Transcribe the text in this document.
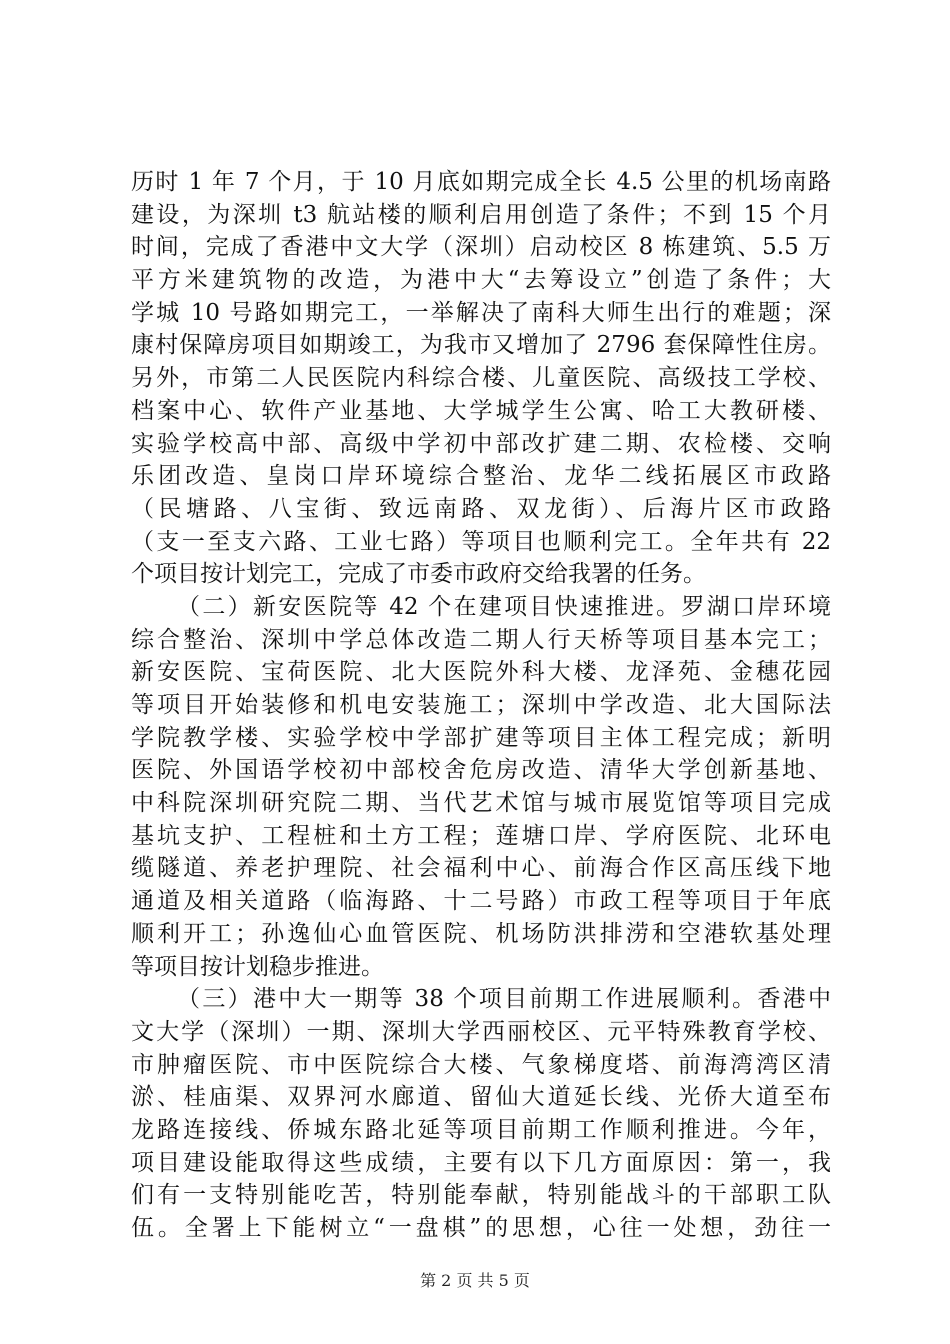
历时 1 年 7 个月，于 10 月底如期完成全长 4.5 公里的机场南路
建设，为深圳 t3 航站楼的顺利启用创造了条件；不到 15 个月
时间，完成了香港中文大学（深圳）启动校区 8 栋建筑、5.5 万
平方米建筑物的改造，为港中大“去筹设立”创造了条件；大
学城 10 号路如期完工，一举解决了南科大师生出行的难题；深
康村保障房项目如期竣工，为我市又增加了 2796 套保障性住房。
另外，市第二人民医院内科综合楼、儿童医院、高级技工学校、
档案中心、软件产业基地、大学城学生公寓、哈工大教研楼、
实验学校高中部、高级中学初中部改扩建二期、农检楼、交响
乐团改造、皇岗口岸环境综合整治、龙华二线拓展区市政路
（民塘路、八宝街、致远南路、双龙街）、后海片区市政路
（支一至支六路、工业七路）等项目也顺利完工。全年共有 22
个项目按计划完工，完成了市委市政府交给我署的任务。
（二）新安医院等 42 个在建项目快速推进。罗湖口岸环境
综合整治、深圳中学总体改造二期人行天桥等项目基本完工；
新安医院、宝荷医院、北大医院外科大楼、龙泽苑、金穗花园
等项目开始装修和机电安装施工；深圳中学改造、北大国际法
学院教学楼、实验学校中学部扩建等项目主体工程完成；新明
医院、外国语学校初中部校舍危房改造、清华大学创新基地、
中科院深圳研究院二期、当代艺术馆与城市展览馆等项目完成
基坑支护、工程桩和土方工程；莲塘口岸、学府医院、北环电
缆隧道、养老护理院、社会福利中心、前海合作区高压线下地
通道及相关道路（临海路、十二号路）市政工程等项目于年底
顺利开工；孙逸仙心血管医院、机场防洪排涝和空港软基处理
等项目按计划稳步推进。
（三）港中大一期等 38 个项目前期工作进展顺利。香港中
文大学（深圳）一期、深圳大学西丽校区、元平特殊教育学校、
市肿瘤医院、市中医院综合大楼、气象梯度塔、前海湾湾区清
淤、桂庙渠、双界河水廊道、留仙大道延长线、光侨大道至布
龙路连接线、侨城东路北延等项目前期工作顺利推进。今年，
项目建设能取得这些成绩，主要有以下几方面原因：第一，我
们有一支特别能吃苦，特别能奉献，特别能战斗的干部职工队
伍。全署上下能树立“一盘棋”的思想，心往一处想，劲往一
第 2 页 共 5 页
